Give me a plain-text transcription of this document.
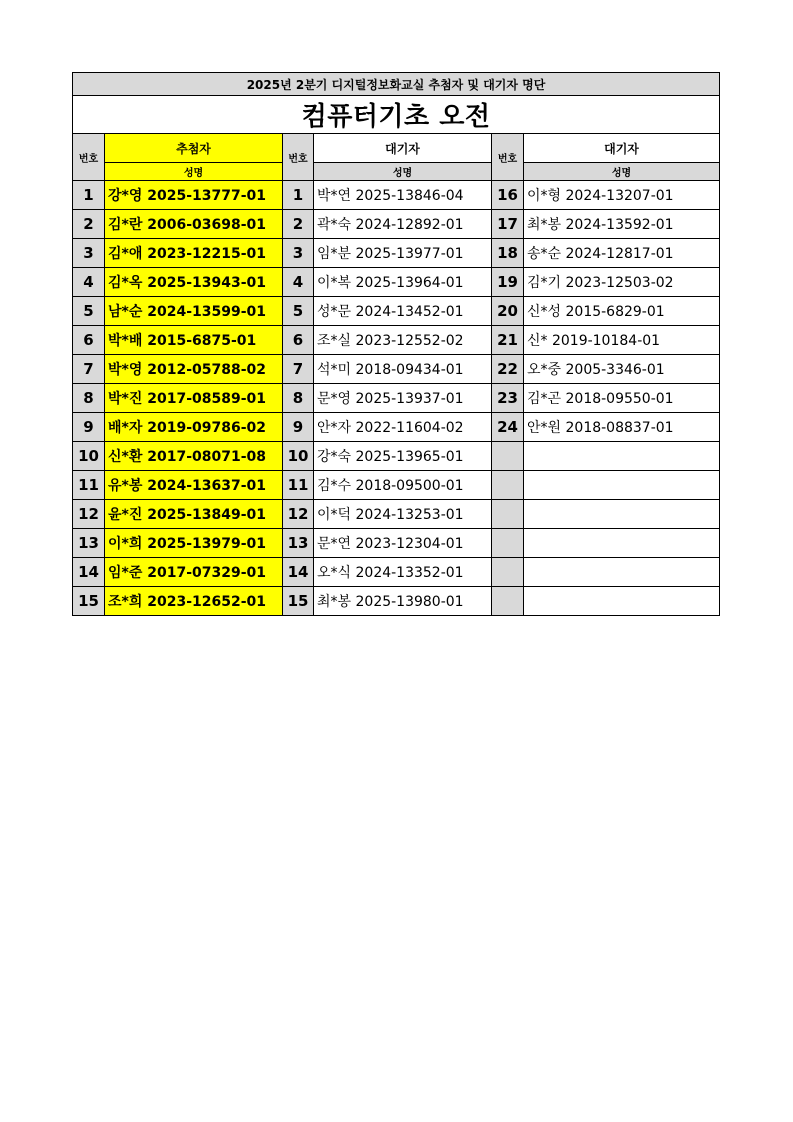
2025년 2분기 디지털정보화교실 추첨자 및 대기자 명단					
컴퓨터기초 오전					
번호	추첨자	번호	대기자	번호	대기자
	성명		성명		성명
1	강*영 2025-13777-01	1	박*연 2025-13846-04	16	이*형 2024-13207-01
2	김*란 2006-03698-01	2	곽*숙 2024-12892-01	17	최*봉 2024-13592-01
3	김*애 2023-12215-01	3	임*분 2025-13977-01	18	송*순 2024-12817-01
4	김*옥 2025-13943-01	4	이*복 2025-13964-01	19	김*기 2023-12503-02
5	남*순 2024-13599-01	5	성*문 2024-13452-01	20	신*성 2015-6829-01
6	박*배 2015-6875-01	6	조*실 2023-12552-02	21	신* 2019-10184-01
7	박*영 2012-05788-02	7	석*미 2018-09434-01	22	오*중 2005-3346-01
8	박*진 2017-08589-01	8	문*영 2025-13937-01	23	김*곤 2018-09550-01
9	배*자 2019-09786-02	9	안*자 2022-11604-02	24	안*원 2018-08837-01
10	신*환 2017-08071-08	10	강*숙 2025-13965-01		
11	유*봉 2024-13637-01	11	김*수 2018-09500-01		
12	윤*진 2025-13849-01	12	이*덕 2024-13253-01		
13	이*희 2025-13979-01	13	문*연 2023-12304-01		
14	임*준 2017-07329-01	14	오*식 2024-13352-01		
15	조*희 2023-12652-01	15	최*봉 2025-13980-01		
